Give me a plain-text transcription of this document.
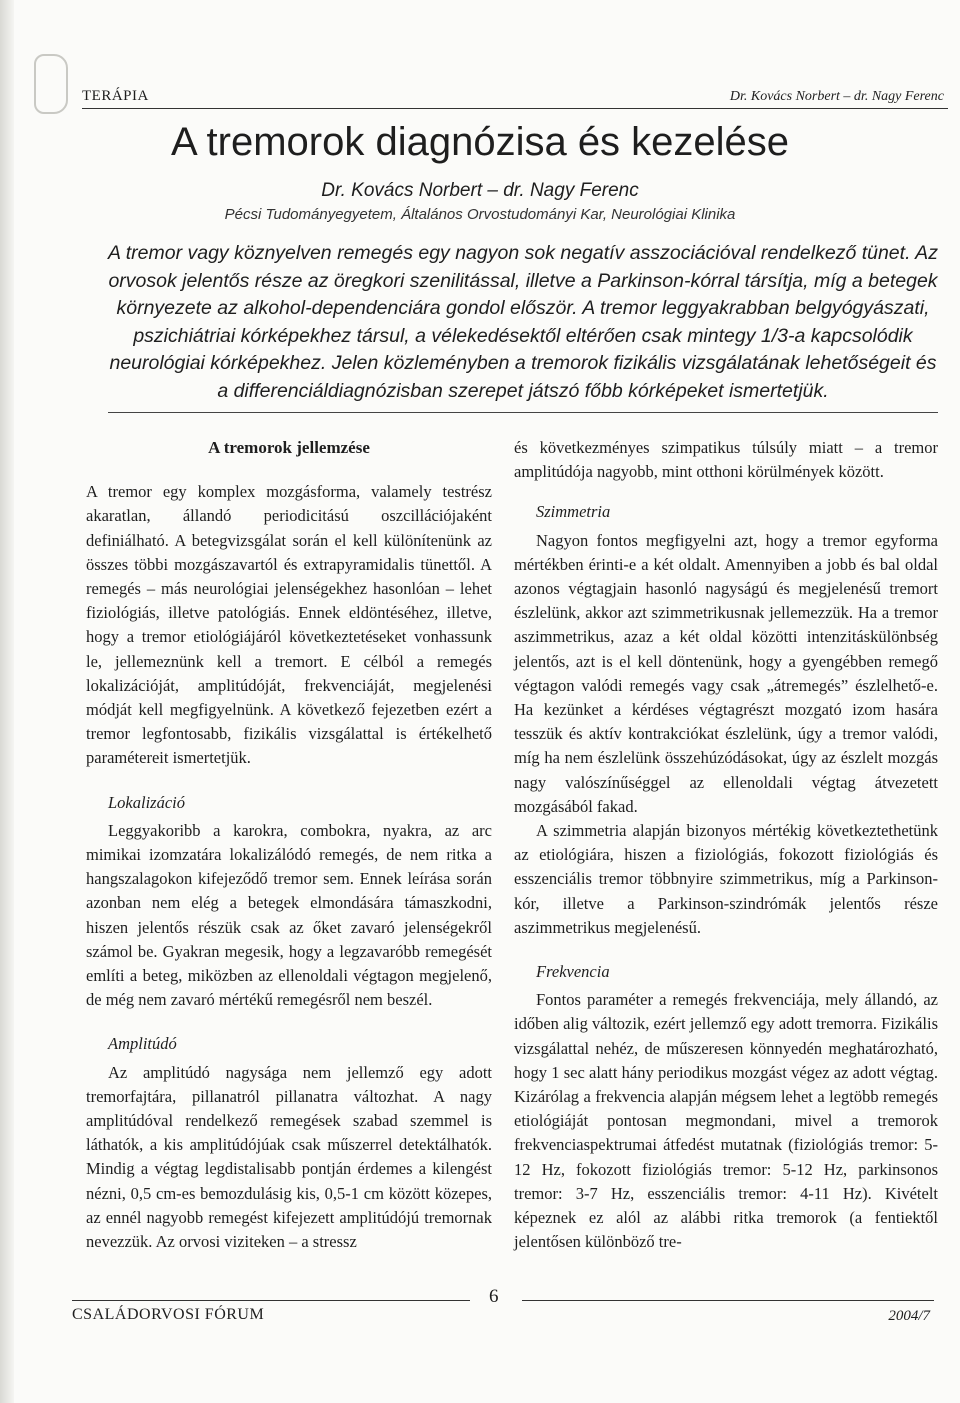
TERÁPIA	Dr. Kovács Norbert – dr. Nagy Ferenc
A tremorok diagnózisa és kezelése
Dr. Kovács Norbert – dr. Nagy Ferenc
Pécsi Tudományegyetem, Általános Orvostudományi Kar, Neurológiai Klinika
A tremor vagy köznyelven remegés egy nagyon sok negatív asszociációval rendelkező tünet. Az orvosok jelentős része az öregkori szenilitással, illetve a Parkinson-kórral társítja, míg a betegek környezete az alkohol-dependenciára gondol először. A tremor leggyakrabban belgyógyászati, pszichiátriai kórképekhez társul, a vélekedésektől eltérően csak mintegy 1/3-a kapcsolódik neurológiai kórképekhez. Jelen közleményben a tremorok fizikális vizsgálatának lehetőségeit és a differenciáldiagnózisban szerepet játszó főbb kórképeket ismertetjük.
A tremorok jellemzése

A tremor egy komplex mozgásforma, valamely testrész akaratlan, állandó periodicitású oszcillációjaként definiálható. A betegvizsgálat során el kell különítenünk az összes többi mozgászavartól és extrapyramidalis tünettől. A remegés – más neurológiai jelenségekhez hasonlóan – lehet fiziológiás, illetve patológiás. Ennek eldöntéséhez, illetve, hogy a tremor etiológiájáról következtetéseket vonhassunk le, jellemeznünk kell a tremort. E célból a remegés lokalizációját, amplitúdóját, frekvenciáját, megjelenési módját kell megfigyelnünk. A következő fejezetben ezért a tremor legfontosabb, fizikális vizsgálattal is értékelhető paramétereit ismertetjük.

Lokalizáció

Leggyakoribb a karokra, combokra, nyakra, az arc mimikai izomzatára lokalizálódó remegés, de nem ritka a hangszalagokon kifejeződő tremor sem. Ennek leírása során azonban nem elég a betegek elmondására támaszkodni, hiszen jelentős részük csak az őket zavaró jelenségekről számol be. Gyakran megesik, hogy a legzavaróbb remegését említi a beteg, miközben az ellenoldali végtagon megjelenő, de még nem zavaró mértékű remegésről nem beszél.

Amplitúdó

Az amplitúdó nagysága nem jellemző egy adott tremorfajtára, pillanatról pillanatra változhat. A nagy amplitúdóval rendelkező remegések szabad szemmel is láthatók, a kis amplitúdójúak csak műszerrel detektálhatók. Mindig a végtag legdistalisabb pontján érdemes a kilengést nézni, 0,5 cm-es bemozdulásig kis, 0,5-1 cm között közepes, az ennél nagyobb remegést kifejezett amplitúdójú tremornak nevezzük. Az orvosi viziteken – a stressz

és következményes szimpatikus túlsúly miatt – a tremor amplitúdója nagyobb, mint otthoni körülmények között.

Szimmetria

Nagyon fontos megfigyelni azt, hogy a tremor egyforma mértékben érinti-e a két oldalt. Amennyiben a jobb és bal oldal azonos végtagjain hasonló nagyságú és megjelenésű tremort észlelünk, akkor azt szimmetrikusnak jellemezzük. Ha a tremor aszimmetrikus, azaz a két oldal közötti intenzitáskülönbség jelentős, azt is el kell döntenünk, hogy a gyengébben remegő végtagon valódi remegés vagy csak „átremegés” észlelhető-e. Ha kezünket a kérdéses végtagrészt mozgató izom hasára tesszük és aktív kontrakciókat észlelünk, úgy a tremor valódi, míg ha nem észlelünk összehúzódásokat, úgy az észlelt mozgás nagy valószínűséggel az ellenoldali végtag átvezetett mozgásából fakad.

A szimmetria alapján bizonyos mértékig következtethetünk az etiológiára, hiszen a fiziológiás, fokozott fiziológiás és esszenciális tremor többnyire szimmetrikus, míg a Parkinson-kór, illetve a Parkinson-szindrómák jelentős része aszimmetrikus megjelenésű.

Frekvencia

Fontos paraméter a remegés frekvenciája, mely állandó, az időben alig változik, ezért jellemző egy adott tremorra. Fizikális vizsgálattal nehéz, de műszeresen könnyedén meghatározható, hogy 1 sec alatt hány periodikus mozgást végez az adott végtag. Kizárólag a frekvencia alapján mégsem lehet a legtöbb remegés etiológiáját pontosan megmondani, mivel a tremorok frekvenciaspektrumai átfedést mutatnak (fiziológiás tremor: 5-12 Hz, fokozott fiziológiás tremor: 5-12 Hz, parkinsonos tremor: 3-7 Hz, esszenciális tremor: 4-11 Hz). Kivételt képeznek ez alól az alábbi ritka tremorok (a fentiektől jelentősen különböző tre-

CSALÁDORVOSI FÓRUM
6
2004/7
